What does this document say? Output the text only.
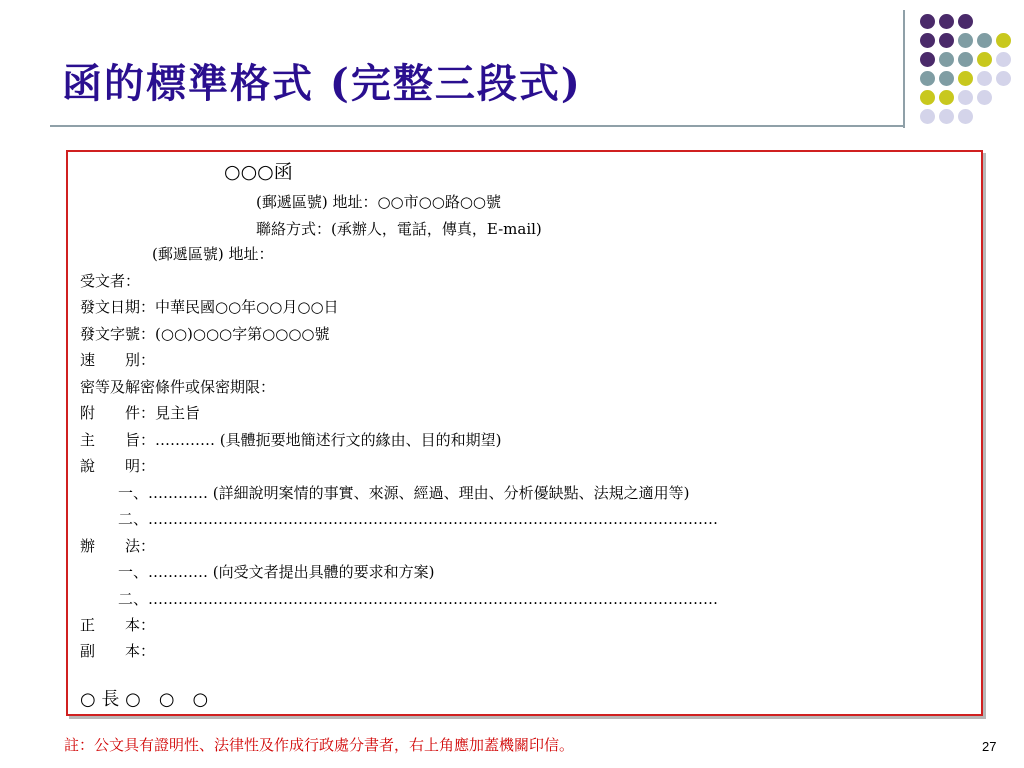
函的標準格式 (完整三段式)
○○○函
(郵遞區號) 地址：○○市○○路○○號
聯絡方式：(承辦人，電話，傳真，E-mail)
(郵遞區號) 地址：
受文者：
發文日期：中華民國○○年○○月○○日
發文字號：(○○)○○○字第○○○○號
速　　別：
密等及解密條件或保密期限：
附　　件：見主旨
主　　旨：………… (具體扼要地簡述行文的緣由、目的和期望)
說　　明：
一、………… (詳細說明案情的事實、來源、經過、理由、分析優缺點、法規之適用等)
二、……………………………………………………………………………………………………
辦　　法：
一、………… (向受文者提出具體的要求和方案)
二、……………………………………………………………………………………………………
正　　本：
副　　本：
○ 長 ○　○　○
註：公文具有證明性、法律性及作成行政處分書者，右上角應加蓋機關印信。	27
